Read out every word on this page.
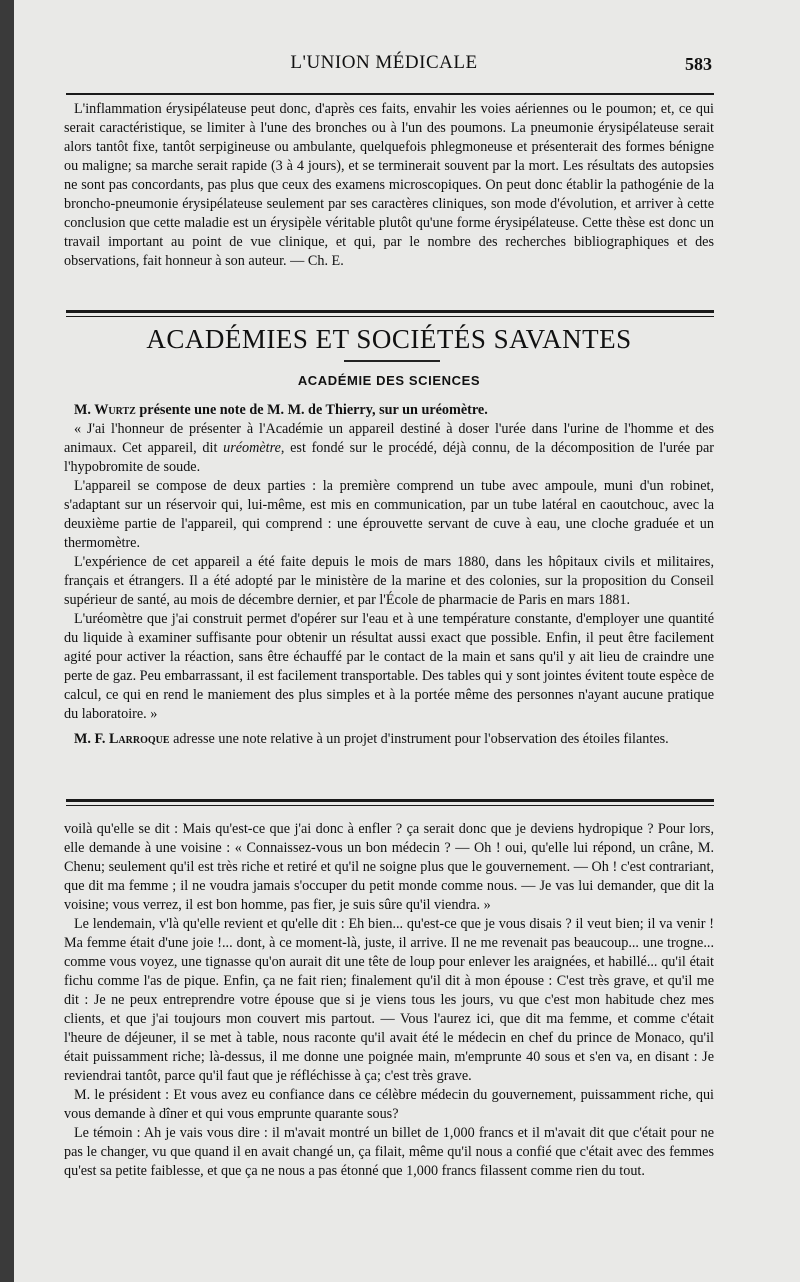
L'UNION MÉDICALE	583

L'inflammation érysipélateuse peut donc, d'après ces faits, envahir les voies aériennes ou le poumon; et, ce qui serait caractéristique, se limiter à l'une des bronches ou à l'un des poumons. La pneumonie érysipélateuse serait alors tantôt fixe, tantôt serpigineuse ou ambulante, quelquefois phlegmoneuse et présenterait des formes bénigne ou maligne; sa marche serait rapide (3 à 4 jours), et se terminerait souvent par la mort. Les résultats des autopsies ne sont pas concordants, pas plus que ceux des examens microscopiques. On peut donc établir la pathogénie de la broncho-pneumonie érysipélateuse seulement par ses caractères cliniques, son mode d'évolution, et arriver à cette conclusion que cette maladie est un érysipèle véritable plutôt qu'une forme érysipélateuse. Cette thèse est donc un travail important au point de vue clinique, et qui, par le nombre des recherches bibliographiques et des observations, fait honneur à son auteur. — Ch. E.

ACADÉMIES ET SOCIÉTÉS SAVANTES
ACADÉMIE DES SCIENCES

M. Wurtz présente une note de M. M. de Thierry, sur un uréomètre.

« J'ai l'honneur de présenter à l'Académie un appareil destiné à doser l'urée dans l'urine de l'homme et des animaux. Cet appareil, dit uréomètre, est fondé sur le procédé, déjà connu, de la décomposition de l'urée par l'hypobromite de soude.

L'appareil se compose de deux parties : la première comprend un tube avec ampoule, muni d'un robinet, s'adaptant sur un réservoir qui, lui-même, est mis en communication, par un tube latéral en caoutchouc, avec la deuxième partie de l'appareil, qui comprend : une éprouvette servant de cuve à eau, une cloche graduée et un thermomètre.

L'expérience de cet appareil a été faite depuis le mois de mars 1880, dans les hôpitaux civils et militaires, français et étrangers. Il a été adopté par le ministère de la marine et des colonies, sur la proposition du Conseil supérieur de santé, au mois de décembre dernier, et par l'École de pharmacie de Paris en mars 1881.

L'uréomètre que j'ai construit permet d'opérer sur l'eau et à une température constante, d'employer une quantité du liquide à examiner suffisante pour obtenir un résultat aussi exact que possible. Enfin, il peut être facilement agité pour activer la réaction, sans être échauffé par le contact de la main et sans qu'il y ait lieu de craindre une perte de gaz. Peu embarrassant, il est facilement transportable. Des tables qui y sont jointes évitent toute espèce de calcul, ce qui en rend le maniement des plus simples et à la portée même des personnes n'ayant aucune pratique du laboratoire. »

M. F. Larroque adresse une note relative à un projet d'instrument pour l'observation des étoiles filantes.

voilà qu'elle se dit : Mais qu'est-ce que j'ai donc à enfler ? ça serait donc que je deviens hydropique ? Pour lors, elle demande à une voisine : « Connaissez-vous un bon médecin ? — Oh ! oui, qu'elle lui répond, un crâne, M. Chenu; seulement qu'il est très riche et retiré et qu'il ne soigne plus que le gouvernement. — Oh ! c'est contrariant, que dit ma femme ; il ne voudra jamais s'occuper du petit monde comme nous. — Je vas lui demander, que dit la voisine; vous verrez, il est bon homme, pas fier, je suis sûre qu'il viendra. »

Le lendemain, v'là qu'elle revient et qu'elle dit : Eh bien... qu'est-ce que je vous disais ? il veut bien; il va venir ! Ma femme était d'une joie !... dont, à ce moment-là, juste, il arrive. Il ne me revenait pas beaucoup... une trogne... comme vous voyez, une tignasse qu'on aurait dit une tête de loup pour enlever les araignées, et habillé... qu'il était fichu comme l'as de pique. Enfin, ça ne fait rien; finalement qu'il dit à mon épouse : C'est très grave, et qu'il me dit : Je ne peux entreprendre votre épouse que si je viens tous les jours, vu que c'est mon habitude chez mes clients, et que j'ai toujours mon couvert mis partout. — Vous l'aurez ici, que dit ma femme, et comme c'était l'heure de déjeuner, il se met à table, nous raconte qu'il avait été le médecin en chef du prince de Monaco, qu'il était puissamment riche; là-dessus, il me donne une poignée main, m'emprunte 40 sous et s'en va, en disant : Je reviendrai tantôt, parce qu'il faut que je réfléchisse à ça; c'est très grave.

M. le président : Et vous avez eu confiance dans ce célèbre médecin du gouvernement, puissamment riche, qui vous demande à dîner et qui vous emprunte quarante sous?

Le témoin : Ah je vais vous dire : il m'avait montré un billet de 1,000 francs et il m'avait dit que c'était pour ne pas le changer, vu que quand il en avait changé un, ça filait, même qu'il nous a confié que c'était avec des femmes qu'est sa petite faiblesse, et que ça ne nous a pas étonné que 1,000 francs filassent comme rien du tout.
